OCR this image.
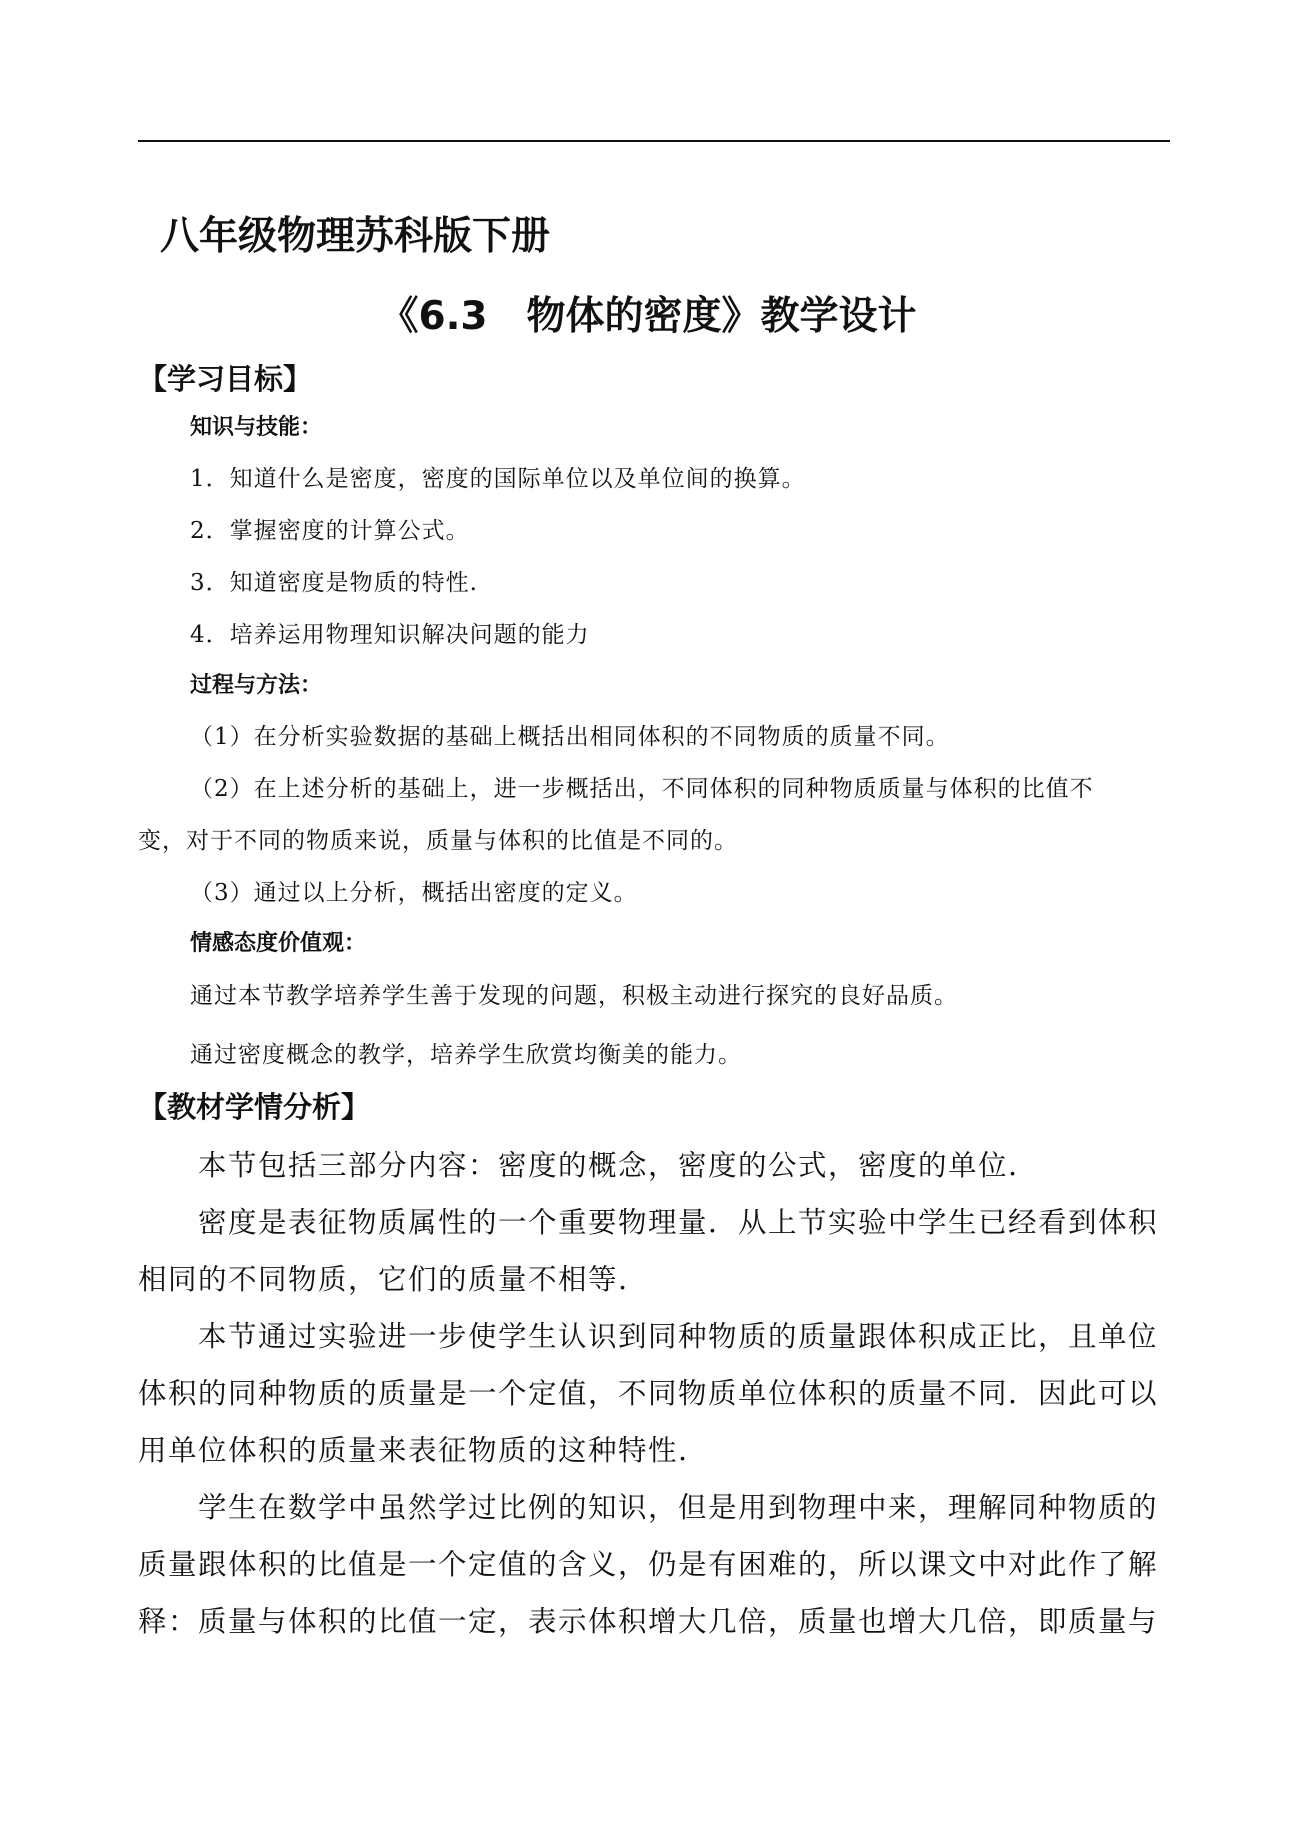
八年级物理苏科版下册
《6.3　物体的密度》教学设计
【学习目标】
知识与技能：
1．知道什么是密度，密度的国际单位以及单位间的换算。
2．掌握密度的计算公式。
3．知道密度是物质的特性.
4．培养运用物理知识解决问题的能力
过程与方法：
（1）在分析实验数据的基础上概括出相同体积的不同物质的质量不同。
（2）在上述分析的基础上，进一步概括出，不同体积的同种物质质量与体积的比值不
变，对于不同的物质来说，质量与体积的比值是不同的。
（3）通过以上分析，概括出密度的定义。
情感态度价值观：
通过本节教学培养学生善于发现的问题，积极主动进行探究的良好品质。
通过密度概念的教学，培养学生欣赏均衡美的能力。
【教材学情分析】
本节包括三部分内容：密度的概念，密度的公式，密度的单位.
密度是表征物质属性的一个重要物理量．从上节实验中学生已经看到体积
相同的不同物质，它们的质量不相等.
本节通过实验进一步使学生认识到同种物质的质量跟体积成正比，且单位
体积的同种物质的质量是一个定值，不同物质单位体积的质量不同．因此可以
用单位体积的质量来表征物质的这种特性.
学生在数学中虽然学过比例的知识，但是用到物理中来，理解同种物质的
质量跟体积的比值是一个定值的含义，仍是有困难的，所以课文中对此作了解
释：质量与体积的比值一定，表示体积增大几倍，质量也增大几倍，即质量与
